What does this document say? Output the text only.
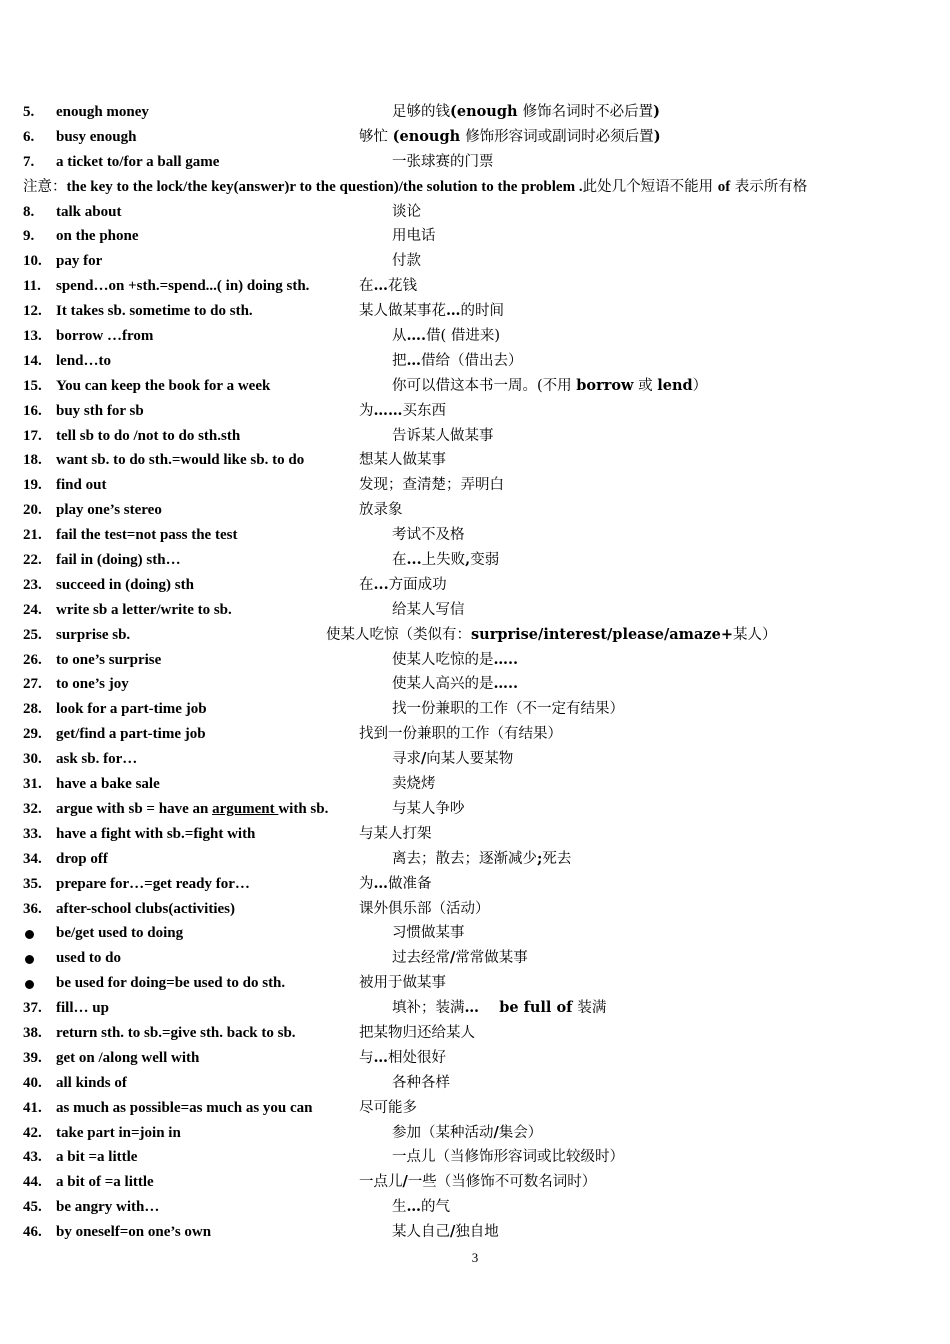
5. enough money	足够的钱(enough 修饰名词时不必后置)
6. busy enough	够忙 (enough 修饰形容词或副词时必须后置)
7. a ticket to/for a ball game	一张球赛的门票
注意：the key to the lock/the key(answer)r to the question)/the solution to the problem .此处几个短语不能用 of 表示所有格
8. talk about	谈论
9. on the phone	用电话
10. pay for	付款
11. spend…on +sth.=spend...( in) doing sth.	在…花钱
12. It takes sb. sometime to do sth.	某人做某事花…的时间
13. borrow …from	从….借( 借进来)
14. lend…to	把…借给（借出去）
15. You can keep the book for a week	你可以借这本书一周。(不用 borrow 或 lend）
16. buy sth for sb	为……买东西
17. tell sb to do /not to do sth.sth	告诉某人做某事
18. want sb. to do sth.=would like sb. to do	想某人做某事
19. find out	发现；查清楚；弄明白
20. play one’s stereo	放录象
21. fail the test=not pass the test	考试不及格
22. fail in (doing) sth…	在...上失败,变弱
23. succeed in (doing) sth	在...方面成功
24. write sb a letter/write to sb.	给某人写信
25. surprise sb.	使某人吃惊（类似有：surprise/interest/please/amaze+某人）
26. to one’s surprise	使某人吃惊的是…..
27. to one’s joy	使某人高兴的是…..
28. look for a part-time job	找一份兼职的工作（不一定有结果）
29. get/find a part-time job	找到一份兼职的工作（有结果）
30. ask sb. for…	寻求/向某人要某物
31. have a bake sale	卖烧烤
32. argue with sb = have an argument with sb.	与某人争吵
33. have a fight with sb.=fight with	与某人打架
34. drop off	离去；散去；逐渐减少;死去
35. prepare for…=get ready for…	为…做准备
36. after-school clubs(activities)	课外俱乐部（活动）
be/get used to doing	习惯做某事
used to do	过去经常/常常做某事
be used for doing=be used to do sth.	被用于做某事
37. fill… up	填补；装满…    be full of 装满
38. return sth. to sb.=give sth. back to sb.	把某物归还给某人
39. get on /along well with	与…相处很好
40. all kinds of	各种各样
41. as much as possible=as much as you can	尽可能多
42. take part in=join in	参加（某种活动/集会）
43. a bit =a little	一点儿（当修饰形容词或比较级时）
44. a bit of =a little	一点儿/一些（当修饰不可数名词时）
45. be angry with…	生…的气
46. by oneself=on one’s own	某人自己/独自地
3
